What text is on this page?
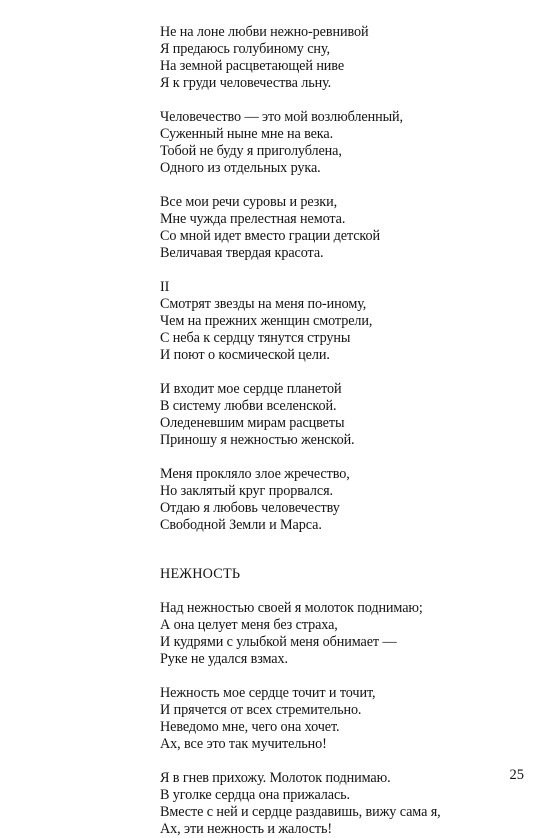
Не на лоне любви нежно-ревнивой
Я предаюсь голубиному сну,
На земной расцветающей ниве
Я к груди человечества льну.
Человечество — это мой возлюбленный,
Суженный ныне мне на века.
Тобой не буду я приголублена,
Одного из отдельных рука.
Все мои речи суровы и резки,
Мне чужда прелестная немота.
Со мной идет вместо грации детской
Величавая твердая красота.
II
Смотрят звезды на меня по-иному,
Чем на прежних женщин смотрели,
С неба к сердцу тянутся струны
И поют о космической цели.
И входит мое сердце планетой
В систему любви вселенской.
Оледеневшим мирам расцветы
Приношу я нежностью женской.
Меня прокляло злое жречество,
Но заклятый круг прорвался.
Отдаю я любовь человечеству
Свободной Земли и Марса.
НЕЖНОСТЬ
Над нежностью своей я молоток поднимаю;
А она целует меня без страха,
И кудрями с улыбкой меня обнимает —
Руке не удался взмах.
Нежность мое сердце точит и точит,
И прячется от всех стремительно.
Неведомо мне, чего она хочет.
Ах, все это так мучительно!
Я в гнев прихожу. Молоток поднимаю.
В уголке сердца она прижалась.
Вместе с ней и сердце раздавишь, вижу сама я,
Ах, эти нежность и жалость!
25
